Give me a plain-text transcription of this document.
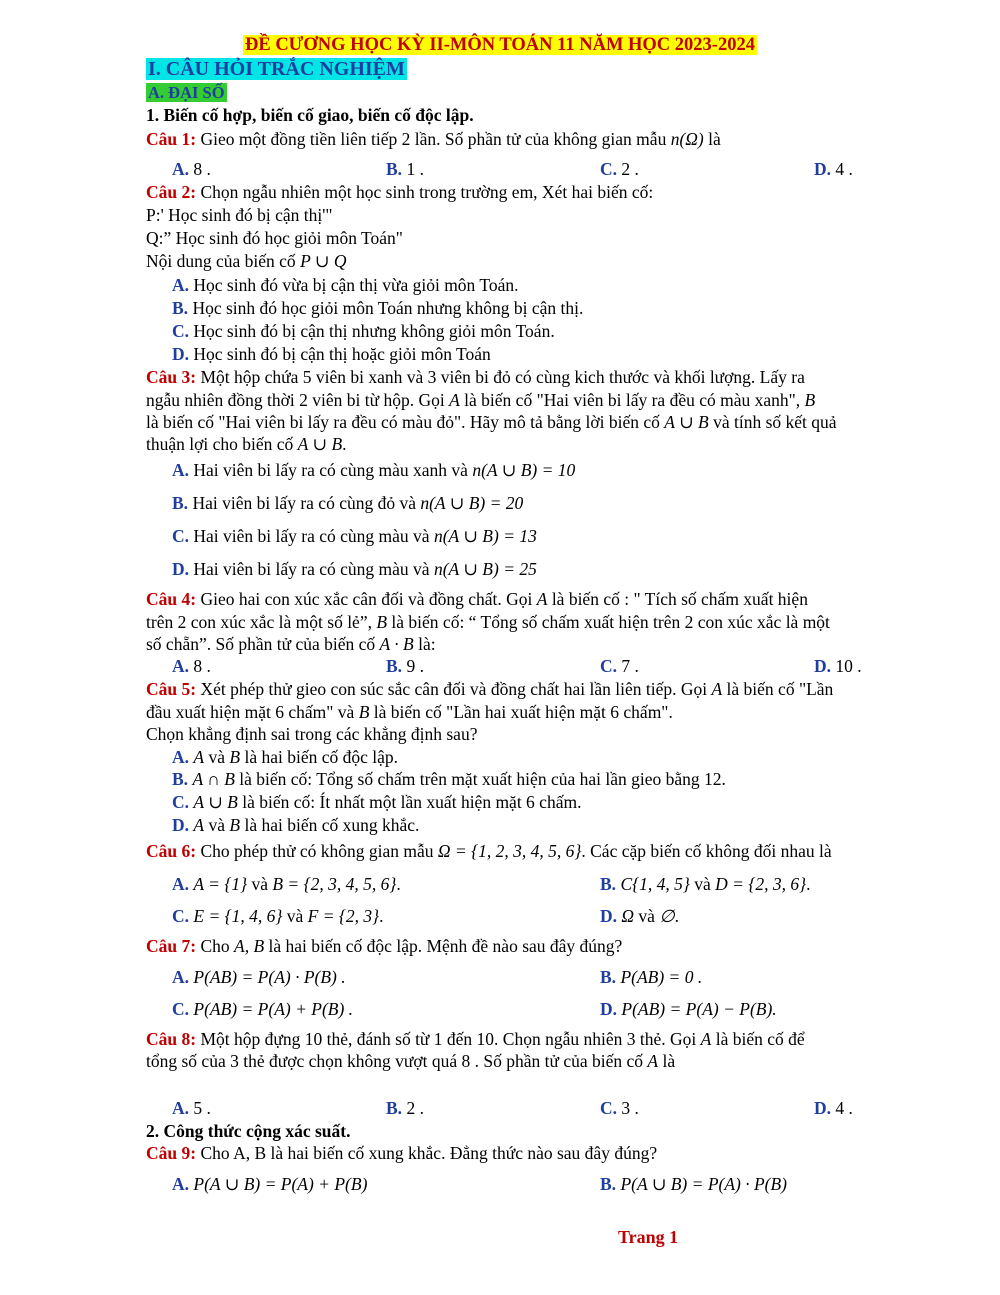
ĐỀ CƯƠNG HỌC KỲ II-MÔN TOÁN 11 NĂM HỌC 2023-2024
I. CÂU HỎI TRẮC NGHIỆM
A. ĐẠI SỐ
1. Biến cố hợp, biến cố giao, biến cố độc lập.
Câu 1: Gieo một đồng tiền liên tiếp 2 lần. Số phần tử của không gian mẫu n(Ω) là
A. 8 .	B. 1 .	C. 2 .	D. 4 .
Câu 2: Chọn ngẫu nhiên một học sinh trong trường em, Xét hai biến cố:
P:' Học sinh đó bị cận thị'"
Q:” Học sinh đó học giỏi môn Toán"
Nội dung của biến cố P ∪ Q
A. Học sinh đó vừa bị cận thị vừa giỏi môn Toán.
B. Học sinh đó học giỏi môn Toán nhưng không bị cận thị.
C. Học sinh đó bị cận thị nhưng không giỏi môn Toán.
D. Học sinh đó bị cận thị hoặc giỏi môn Toán
Câu 3: Một hộp chứa 5 viên bi xanh và 3 viên bi đỏ có cùng kich thước và khối lượng. Lấy ra
ngẫu nhiên đồng thời 2 viên bi từ hộp. Gọi A là biến cố "Hai viên bi lấy ra đều có màu xanh", B
là biến cố "Hai viên bi lấy ra đều có màu đỏ". Hãy mô tả bằng lời biến cố A ∪ B và tính số kết quả
thuận lợi cho biến cố A ∪ B.
A. Hai viên bi lấy ra có cùng màu xanh và n(A ∪ B) = 10
B. Hai viên bi lấy ra có cùng đỏ và n(A ∪ B) = 20
C. Hai viên bi lấy ra có cùng màu và n(A ∪ B) = 13
D. Hai viên bi lấy ra có cùng màu và n(A ∪ B) = 25
Câu 4: Gieo hai con xúc xắc cân đối và đồng chất. Gọi A là biến cố : " Tích số chấm xuất hiện
trên 2 con xúc xắc là một số lẻ”, B là biến cố: “ Tổng số chấm xuất hiện trên 2 con xúc xắc là một
số chẵn”. Số phần tử của biến cố A · B là:
A. 8 .	B. 9 .	C. 7 .	D. 10 .
Câu 5: Xét phép thử gieo con súc sắc cân đối và đồng chất hai lần liên tiếp. Gọi A là biến cố "Lần
đầu xuất hiện mặt 6 chấm" và B là biến cố "Lần hai xuất hiện mặt 6 chấm".
Chọn khẳng định sai trong các khẳng định sau?
A. A và B là hai biến cố độc lập.
B. A ∩ B là biến cố: Tổng số chấm trên mặt xuất hiện của hai lần gieo bằng 12.
C. A ∪ B là biến cố: Ít nhất một lần xuất hiện mặt 6 chấm.
D. A và B là hai biến cố xung khắc.
Câu 6: Cho phép thử có không gian mẫu Ω = {1, 2, 3, 4, 5, 6}. Các cặp biến cố không đối nhau là
A. A = {1} và B = {2, 3, 4, 5, 6}.	B. C{1, 4, 5} và D = {2, 3, 6}.
C. E = {1, 4, 6} và F = {2, 3}.	D. Ω và ∅.
Câu 7: Cho A, B là hai biến cố độc lập. Mệnh đề nào sau đây đúng?
A. P(AB) = P(A) · P(B) .	B. P(AB) = 0 .
C. P(AB) = P(A) + P(B) .	D. P(AB) = P(A) − P(B).
Câu 8: Một hộp đựng 10 thẻ, đánh số từ 1 đến 10. Chọn ngẫu nhiên 3 thẻ. Gọi A là biến cố để
tổng số của 3 thẻ được chọn không vượt quá 8 . Số phần tử của biến cố A là
A. 5 .	B. 2 .	C. 3 .	D. 4 .
2. Công thức cộng xác suất.
Câu 9: Cho A, B là hai biến cố xung khắc. Đẳng thức nào sau đây đúng?
A. P(A ∪ B) = P(A) + P(B)	B. P(A ∪ B) = P(A) · P(B)
Trang 1
